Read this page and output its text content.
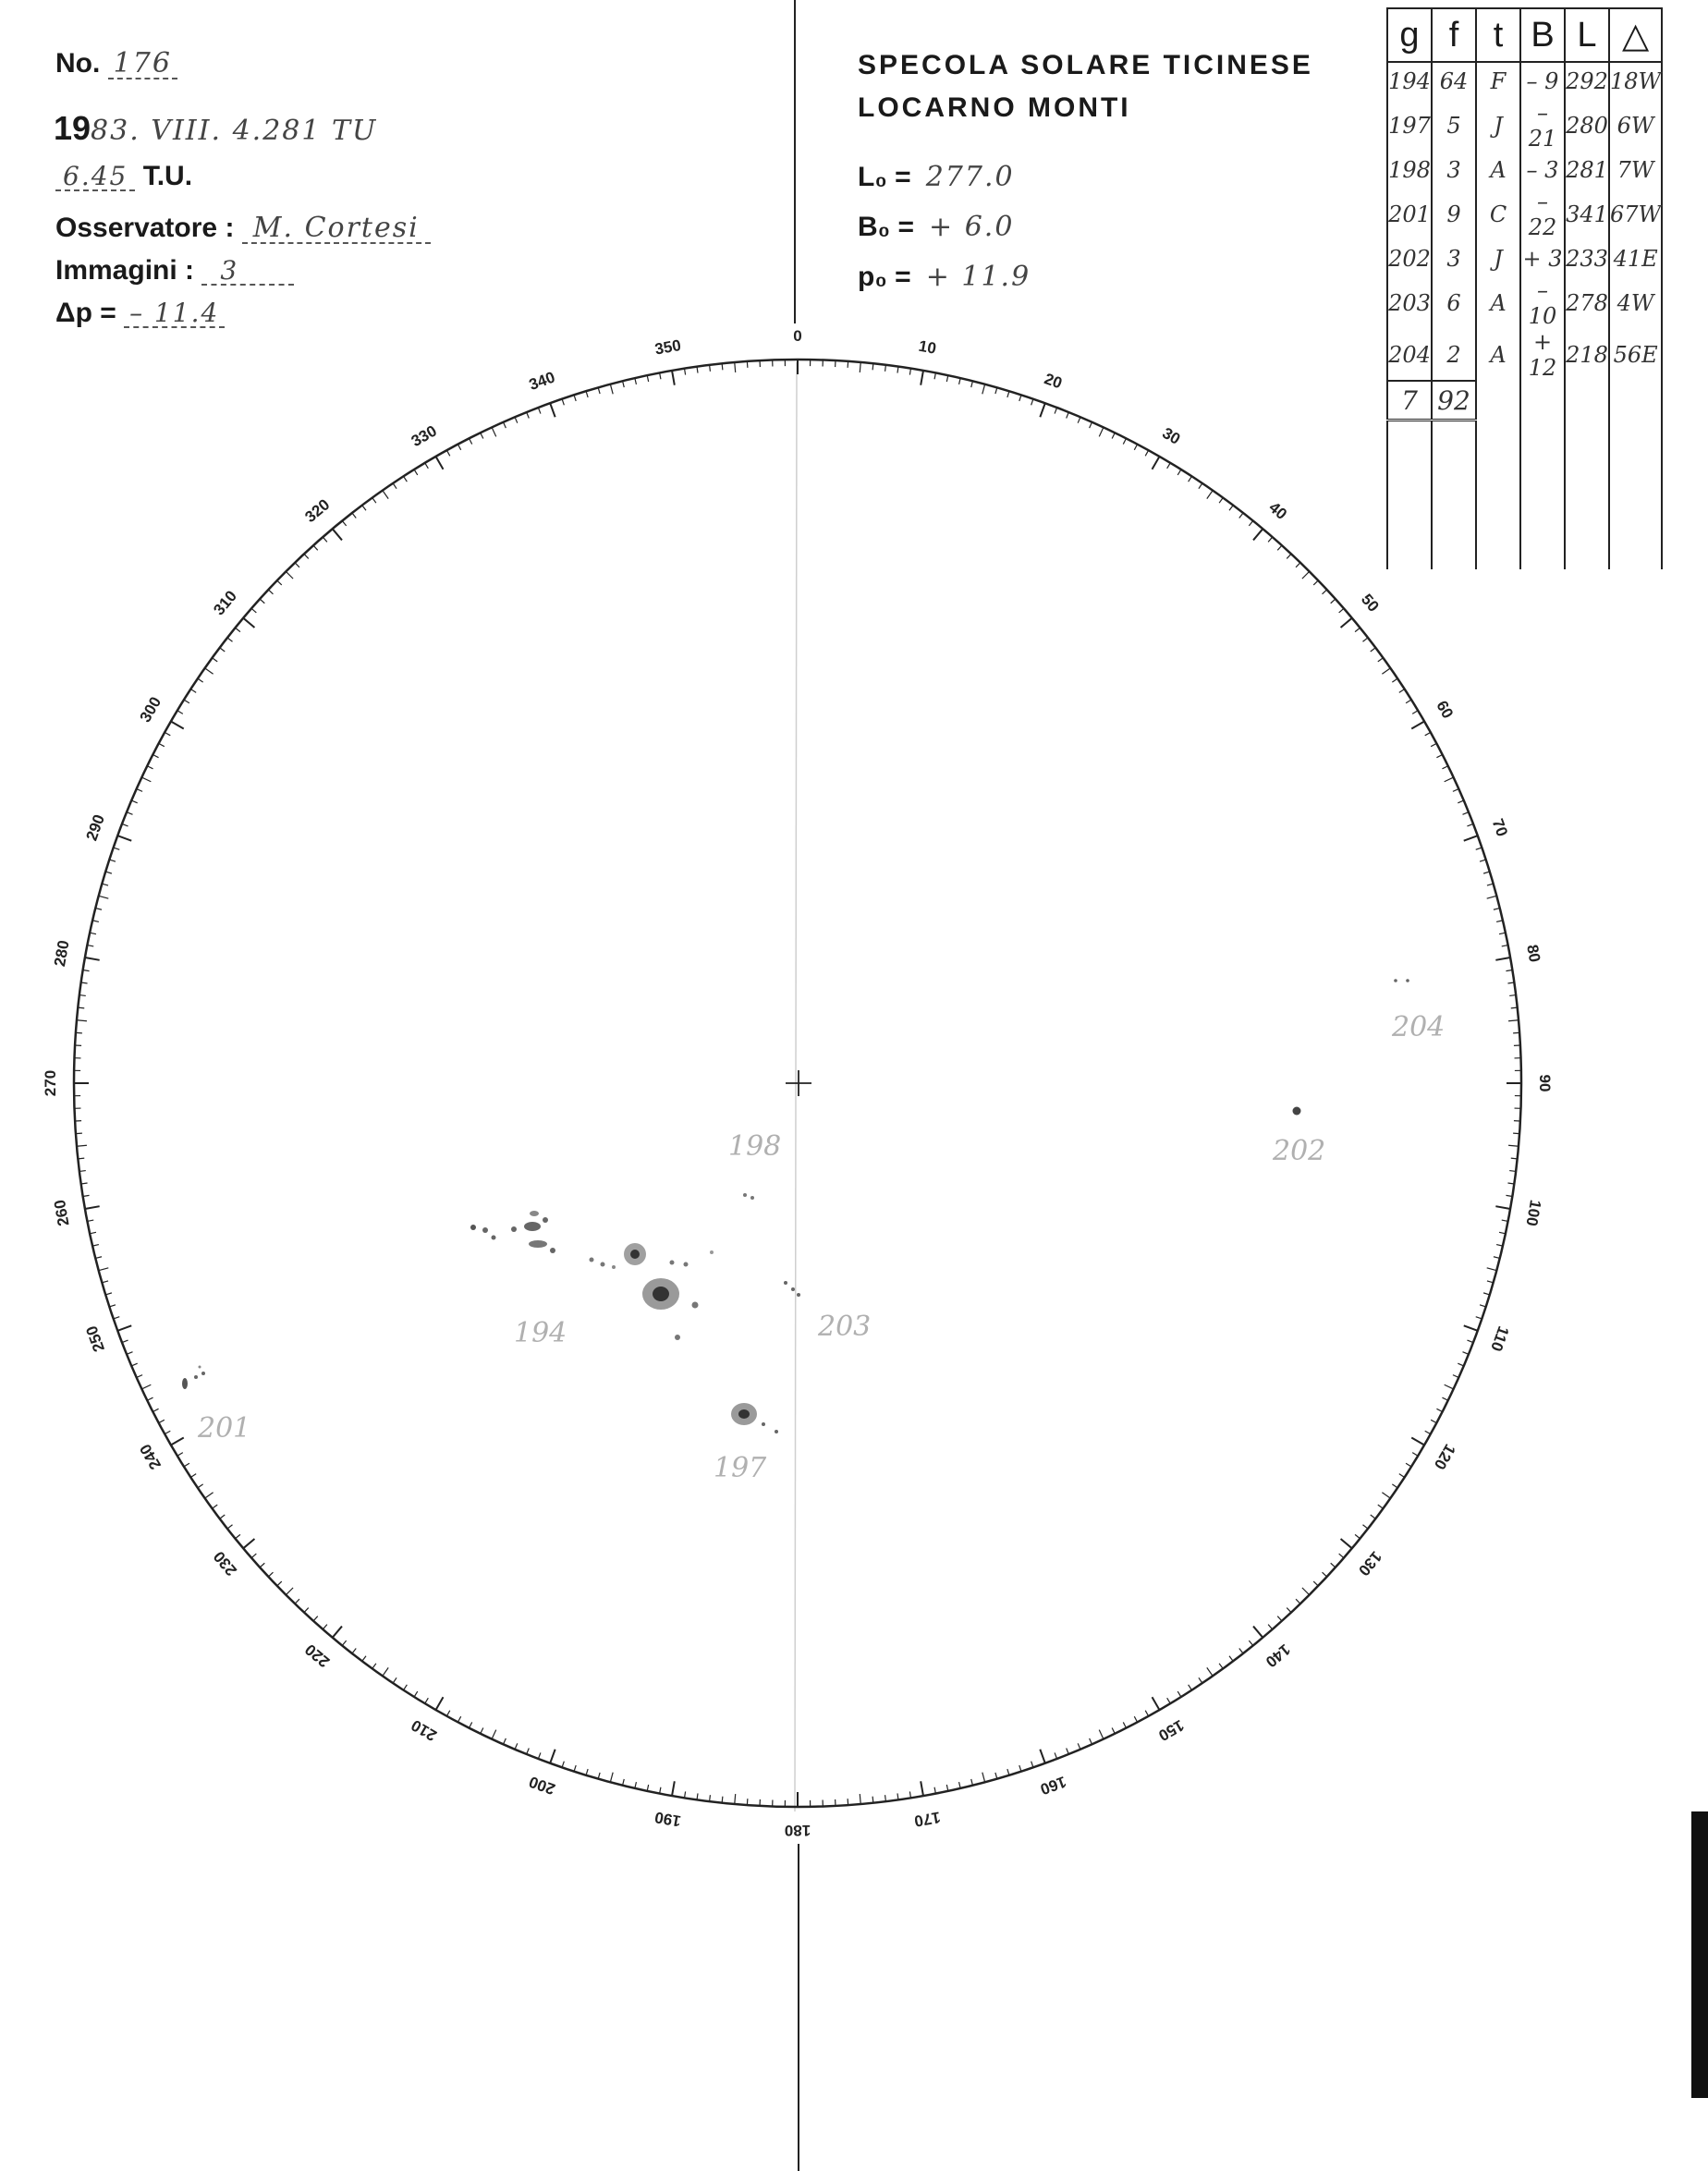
No. 176
1983. VIII. 4.281 TU
6.45 T.U.
Osservatore : M. Cortesi
Immagini : 3
Δp = – 11.4
SPECOLA SOLARE TICINESE
LOCARNO MONTI
L₀ = 277.0
B₀ = + 6.0
p₀ = + 11.9
g	f	t	B	L	△
194	64	F	– 9	292	18W
197	5	J	– 21	280	6W
198	3	A	– 3	281	7W
201	9	C	– 22	341	67W
202	3	J	+ 3	233	41E
203	6	A	– 10	278	4W
204	2	A	+ 12	218	56E
7	92				

0
10
20
30
40
50
60
70
80
90
100
110
120
130
140
150
160
170
180
190
200
210
220
230
240
250
260
270
280
290
300
310
320
330
340
350
194
197
198
201
202
203
204
